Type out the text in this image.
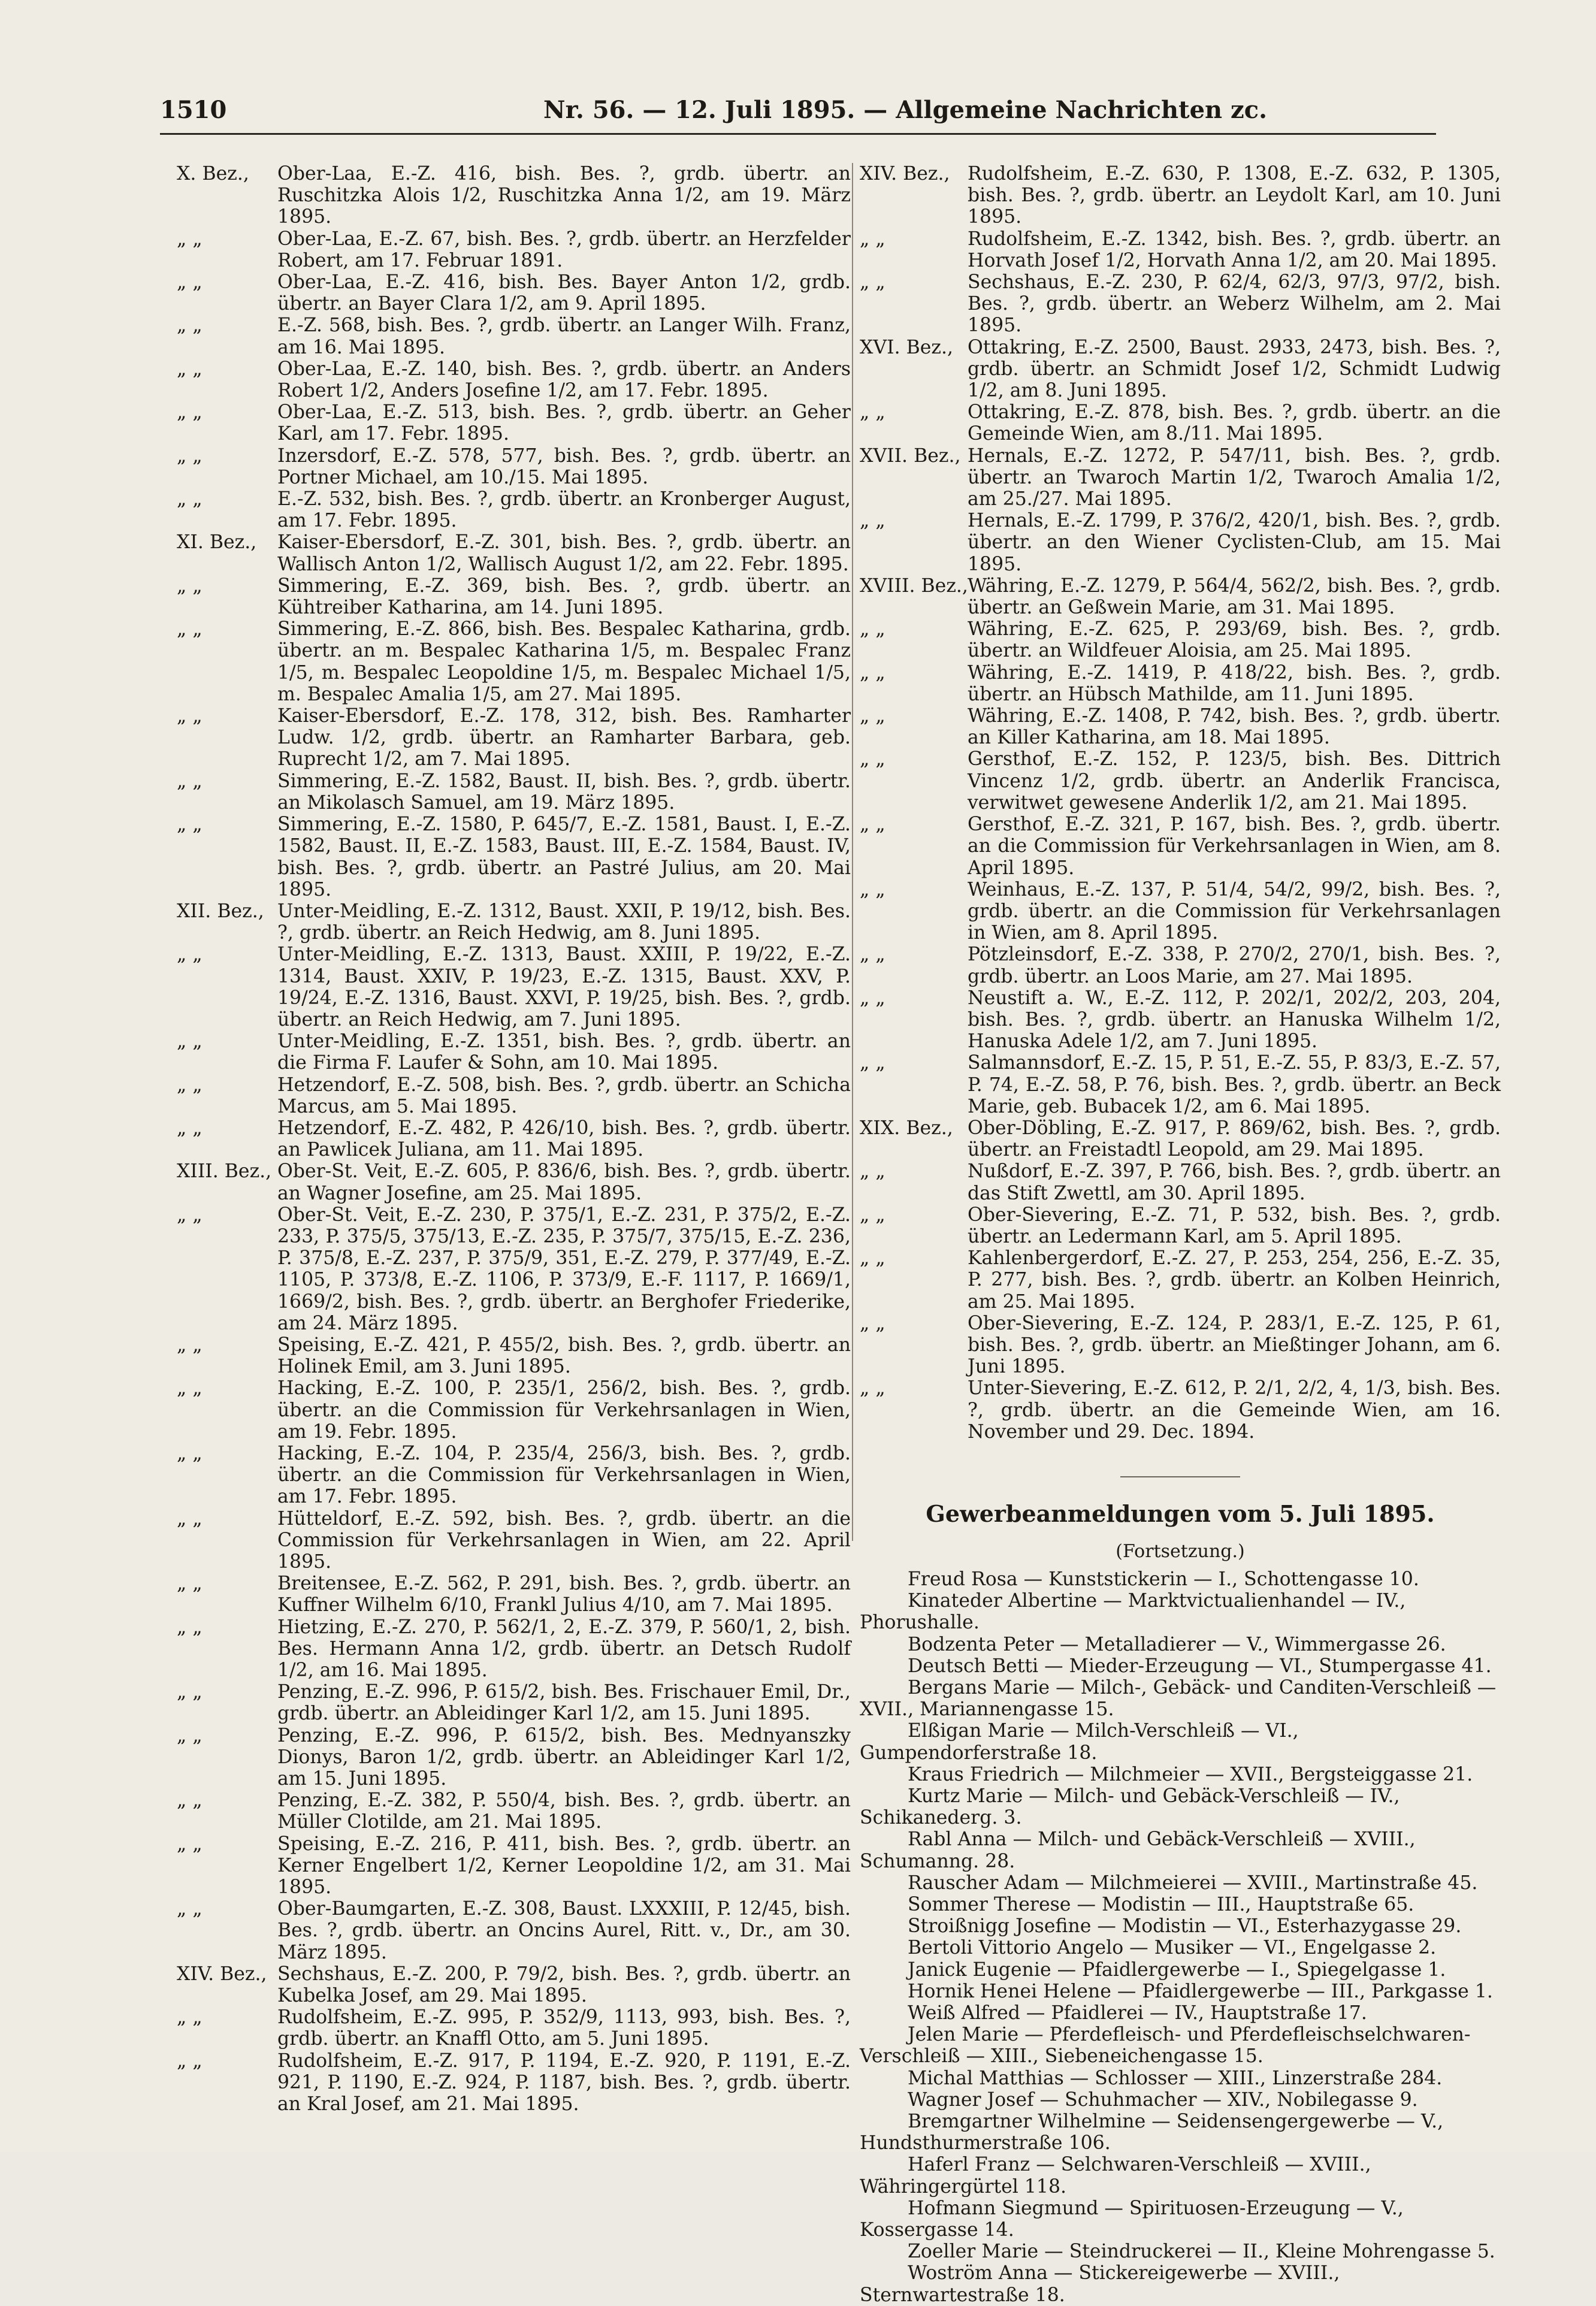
1510	Nr. 56. — 12. Juli 1895. — Allgemeine Nachrichten zc.
X. Bez.,	Ober-Laa, E.-Z. 416, bish. Bes. ?, grdb. übertr. an Ruschitzka Alois 1/2, Ruschitzka Anna 1/2, am 19. März 1895.
„ „	Ober-Laa, E.-Z. 67, bish. Bes. ?, grdb. übertr. an Herzfelder Robert, am 17. Februar 1891.
„ „	Ober-Laa, E.-Z. 416, bish. Bes. Bayer Anton 1/2, grdb. übertr. an Bayer Clara 1/2, am 9. April 1895.
„ „	E.-Z. 568, bish. Bes. ?, grdb. übertr. an Langer Wilh. Franz, am 16. Mai 1895.
„ „	Ober-Laa, E.-Z. 140, bish. Bes. ?, grdb. übertr. an Anders Robert 1/2, Anders Josefine 1/2, am 17. Febr. 1895.
„ „	Ober-Laa, E.-Z. 513, bish. Bes. ?, grdb. übertr. an Geher Karl, am 17. Febr. 1895.
„ „	Inzersdorf, E.-Z. 578, 577, bish. Bes. ?, grdb. übertr. an Portner Michael, am 10./15. Mai 1895.
„ „	E.-Z. 532, bish. Bes. ?, grdb. übertr. an Kronberger August, am 17. Febr. 1895.
XI. Bez.,	Kaiser-Ebersdorf, E.-Z. 301, bish. Bes. ?, grdb. übertr. an Wallisch Anton 1/2, Wallisch August 1/2, am 22. Febr. 1895.
„ „	Simmering, E.-Z. 369, bish. Bes. ?, grdb. übertr. an Kühtreiber Katharina, am 14. Juni 1895.
„ „	Simmering, E.-Z. 866, bish. Bes. Bespalec Katharina, grdb. übertr. an m. Bespalec Katharina 1/5, m. Bespalec Franz 1/5, m. Bespalec Leopoldine 1/5, m. Bespalec Michael 1/5, m. Bespalec Amalia 1/5, am 27. Mai 1895.
„ „	Kaiser-Ebersdorf, E.-Z. 178, 312, bish. Bes. Ramharter Ludw. 1/2, grdb. übertr. an Ramharter Barbara, geb. Ruprecht 1/2, am 7. Mai 1895.
„ „	Simmering, E.-Z. 1582, Baust. II, bish. Bes. ?, grdb. übertr. an Mikolasch Samuel, am 19. März 1895.
„ „	Simmering, E.-Z. 1580, P. 645/7, E.-Z. 1581, Baust. I, E.-Z. 1582, Baust. II, E.-Z. 1583, Baust. III, E.-Z. 1584, Baust. IV, bish. Bes. ?, grdb. übertr. an Pastré Julius, am 20. Mai 1895.
XII. Bez., Unter-Meidling, E.-Z. 1312, Baust. XXII, P. 19/12, bish. Bes. ?, grdb. übertr. an Reich Hedwig, am 8. Juni 1895.
„ „	Unter-Meidling, E.-Z. 1313, Baust. XXIII, P. 19/22, E.-Z. 1314, Baust. XXIV, P. 19/23, E.-Z. 1315, Baust. XXV, P. 19/24, E.-Z. 1316, Baust. XXVI, P. 19/25, bish. Bes. ?, grdb. übertr. an Reich Hedwig, am 7. Juni 1895.
„ „	Unter-Meidling, E.-Z. 1351, bish. Bes. ?, grdb. übertr. an die Firma F. Laufer & Sohn, am 10. Mai 1895.
„ „	Hetzendorf, E.-Z. 508, bish. Bes. ?, grdb. übertr. an Schicha Marcus, am 5. Mai 1895.
„ „	Hetzendorf, E.-Z. 482, P. 426/10, bish. Bes. ?, grdb. übertr. an Pawlicek Juliana, am 11. Mai 1895.
XIII. Bez., Ober-St. Veit, E.-Z. 605, P. 836/6, bish. Bes. ?, grdb. übertr. an Wagner Josefine, am 25. Mai 1895.
„ „	Ober-St. Veit, E.-Z. 230, P. 375/1, E.-Z. 231, P. 375/2, E.-Z. 233, P. 375/5, 375/13, E.-Z. 235, P. 375/7, 375/15, E.-Z. 236, P. 375/8, E.-Z. 237, P. 375/9, 351, E.-Z. 279, P. 377/49, E.-Z. 1105, P. 373/8, E.-Z. 1106, P. 373/9, E.-F. 1117, P. 1669/1, 1669/2, bish. Bes. ?, grdb. übertr. an Berghofer Friederike, am 24. März 1895.
„ „	Speising, E.-Z. 421, P. 455/2, bish. Bes. ?, grdb. übertr. an Holinek Emil, am 3. Juni 1895.
„ „	Hacking, E.-Z. 100, P. 235/1, 256/2, bish. Bes. ?, grdb. übertr. an die Commission für Verkehrsanlagen in Wien, am 19. Febr. 1895.
„ „	Hacking, E.-Z. 104, P. 235/4, 256/3, bish. Bes. ?, grdb. übertr. an die Commission für Verkehrsanlagen in Wien, am 17. Febr. 1895.
„ „	Hütteldorf, E.-Z. 592, bish. Bes. ?, grdb. übertr. an die Commission für Verkehrsanlagen in Wien, am 22. April 1895.
„ „	Breitensee, E.-Z. 562, P. 291, bish. Bes. ?, grdb. übertr. an Kuffner Wilhelm 6/10, Frankl Julius 4/10, am 7. Mai 1895.
„ „	Hietzing, E.-Z. 270, P. 562/1, 2, E.-Z. 379, P. 560/1, 2, bish. Bes. Hermann Anna 1/2, grdb. übertr. an Detsch Rudolf 1/2, am 16. Mai 1895.
„ „	Penzing, E.-Z. 996, P. 615/2, bish. Bes. Frischauer Emil, Dr., grdb. übertr. an Ableidinger Karl 1/2, am 15. Juni 1895.
„ „	Penzing, E.-Z. 996, P. 615/2, bish. Bes. Mednyanszky Dionys, Baron 1/2, grdb. übertr. an Ableidinger Karl 1/2, am 15. Juni 1895.
„ „	Penzing, E.-Z. 382, P. 550/4, bish. Bes. ?, grdb. übertr. an Müller Clotilde, am 21. Mai 1895.
„ „	Speising, E.-Z. 216, P. 411, bish. Bes. ?, grdb. übertr. an Kerner Engelbert 1/2, Kerner Leopoldine 1/2, am 31. Mai 1895.
„ „	Ober-Baumgarten, E.-Z. 308, Baust. LXXXIII, P. 12/45, bish. Bes. ?, grdb. übertr. an Oncins Aurel, Ritt. v., Dr., am 30. März 1895.
XIV. Bez., Sechshaus, E.-Z. 200, P. 79/2, bish. Bes. ?, grdb. übertr. an Kubelka Josef, am 29. Mai 1895.
„ „	Rudolfsheim, E.-Z. 995, P. 352/9, 1113, 993, bish. Bes. ?, grdb. übertr. an Knaffl Otto, am 5. Juni 1895.
„ „	Rudolfsheim, E.-Z. 917, P. 1194, E.-Z. 920, P. 1191, E.-Z. 921, P. 1190, E.-Z. 924, P. 1187, bish. Bes. ?, grdb. übertr. an Kral Josef, am 21. Mai 1895.
XIV. Bez., Rudolfsheim, E.-Z. 630, P. 1308, E.-Z. 632, P. 1305, bish. Bes. ?, grdb. übertr. an Leydolt Karl, am 10. Juni 1895.
„ „	Rudolfsheim, E.-Z. 1342, bish. Bes. ?, grdb. übertr. an Horvath Josef 1/2, Horvath Anna 1/2, am 20. Mai 1895.
„ „	Sechshaus, E.-Z. 230, P. 62/4, 62/3, 97/3, 97/2, bish. Bes. ?, grdb. übertr. an Weberz Wilhelm, am 2. Mai 1895.
XVI. Bez., Ottakring, E.-Z. 2500, Baust. 2933, 2473, bish. Bes. ?, grdb. übertr. an Schmidt Josef 1/2, Schmidt Ludwig 1/2, am 8. Juni 1895.
„ „	Ottakring, E.-Z. 878, bish. Bes. ?, grdb. übertr. an die Gemeinde Wien, am 8./11. Mai 1895.
XVII. Bez., Hernals, E.-Z. 1272, P. 547/11, bish. Bes. ?, grdb. übertr. an Twaroch Martin 1/2, Twaroch Amalia 1/2, am 25./27. Mai 1895.
„ „	Hernals, E.-Z. 1799, P. 376/2, 420/1, bish. Bes. ?, grdb. übertr. an den Wiener Cyclisten-Club, am 15. Mai 1895.
XVIII. Bez., Währing, E.-Z. 1279, P. 564/4, 562/2, bish. Bes. ?, grdb. übertr. an Geßwein Marie, am 31. Mai 1895.
„ „	Währing, E.-Z. 625, P. 293/69, bish. Bes. ?, grdb. übertr. an Wildfeuer Aloisia, am 25. Mai 1895.
„ „	Währing, E.-Z. 1419, P. 418/22, bish. Bes. ?, grdb. übertr. an Hübsch Mathilde, am 11. Juni 1895.
„ „	Währing, E.-Z. 1408, P. 742, bish. Bes. ?, grdb. übertr. an Killer Katharina, am 18. Mai 1895.
„ „	Gersthof, E.-Z. 152, P. 123/5, bish. Bes. Dittrich Vincenz 1/2, grdb. übertr. an Anderlik Francisca, verwitwet gewesene Anderlik 1/2, am 21. Mai 1895.
„ „	Gersthof, E.-Z. 321, P. 167, bish. Bes. ?, grdb. übertr. an die Commission für Verkehrsanlagen in Wien, am 8. April 1895.
„ „	Weinhaus, E.-Z. 137, P. 51/4, 54/2, 99/2, bish. Bes. ?, grdb. übertr. an die Commission für Verkehrsanlagen in Wien, am 8. April 1895.
„ „	Pötzleinsdorf, E.-Z. 338, P. 270/2, 270/1, bish. Bes. ?, grdb. übertr. an Loos Marie, am 27. Mai 1895.
„ „	Neustift a. W., E.-Z. 112, P. 202/1, 202/2, 203, 204, bish. Bes. ?, grdb. übertr. an Hanuska Wilhelm 1/2, Hanuska Adele 1/2, am 7. Juni 1895.
„ „	Salmannsdorf, E.-Z. 15, P. 51, E.-Z. 55, P. 83/3, E.-Z. 57, P. 74, E.-Z. 58, P. 76, bish. Bes. ?, grdb. übertr. an Beck Marie, geb. Bubacek 1/2, am 6. Mai 1895.
XIX. Bez., Ober-Döbling, E.-Z. 917, P. 869/62, bish. Bes. ?, grdb. übertr. an Freistadtl Leopold, am 29. Mai 1895.
„ „	Nußdorf, E.-Z. 397, P. 766, bish. Bes. ?, grdb. übertr. an das Stift Zwettl, am 30. April 1895.
„ „	Ober-Sievering, E.-Z. 71, P. 532, bish. Bes. ?, grdb. übertr. an Ledermann Karl, am 5. April 1895.
„ „	Kahlenbergerdorf, E.-Z. 27, P. 253, 254, 256, E.-Z. 35, P. 277, bish. Bes. ?, grdb. übertr. an Kolben Heinrich, am 25. Mai 1895.
„ „	Ober-Sievering, E.-Z. 124, P. 283/1, E.-Z. 125, P. 61, bish. Bes. ?, grdb. übertr. an Mießtinger Johann, am 6. Juni 1895.
„ „	Unter-Sievering, E.-Z. 612, P. 2/1, 2/2, 4, 1/3, bish. Bes. ?, grdb. übertr. an die Gemeinde Wien, am 16. November und 29. Dec. 1894.
Gewerbeanmeldungen vom 5. Juli 1895.
(Fortsetzung.)
Freud Rosa — Kunststickerin — I., Schottengasse 10.
Kinateder Albertine — Marktvictualienhandel — IV., Phorushalle.
Bodzenta Peter — Metalladierer — V., Wimmergasse 26.
Deutsch Betti — Mieder-Erzeugung — VI., Stumpergasse 41.
Bergans Marie — Milch-, Gebäck- und Canditen-Verschleiß — XVII., Mariannengasse 15.
Elßigan Marie — Milch-Verschleiß — VI., Gumpendorferstraße 18.
Kraus Friedrich — Milchmeier — XVII., Bergsteiggasse 21.
Kurtz Marie — Milch- und Gebäck-Verschleiß — IV., Schikanederg. 3.
Rabl Anna — Milch- und Gebäck-Verschleiß — XVIII., Schumanng. 28.
Rauscher Adam — Milchmeierei — XVIII., Martinstraße 45.
Sommer Therese — Modistin — III., Hauptstraße 65.
Stroißnigg Josefine — Modistin — VI., Esterhazygasse 29.
Bertoli Vittorio Angelo — Musiker — VI., Engelgasse 2.
Janick Eugenie — Pfaidlergewerbe — I., Spiegelgasse 1.
Hornik Henei Helene — Pfaidlergewerbe — III., Parkgasse 1.
Weiß Alfred — Pfaidlerei — IV., Hauptstraße 17.
Jelen Marie — Pferdefleisch- und Pferdefleischselchwaren-Verschleiß — XIII., Siebeneichengasse 15.
Michal Matthias — Schlosser — XIII., Linzerstraße 284.
Wagner Josef — Schuhmacher — XIV., Nobilegasse 9.
Bremgartner Wilhelmine — Seidensengergewerbe — V., Hundsthurmerstraße 106.
Haferl Franz — Selchwaren-Verschleiß — XVIII., Währingergürtel 118.
Hofmann Siegmund — Spirituosen-Erzeugung — V., Kossergasse 14.
Zoeller Marie — Steindruckerei — II., Kleine Mohrengasse 5.
Woström Anna — Stickereigewerbe — XVIII., Sternwartestraße 18.
